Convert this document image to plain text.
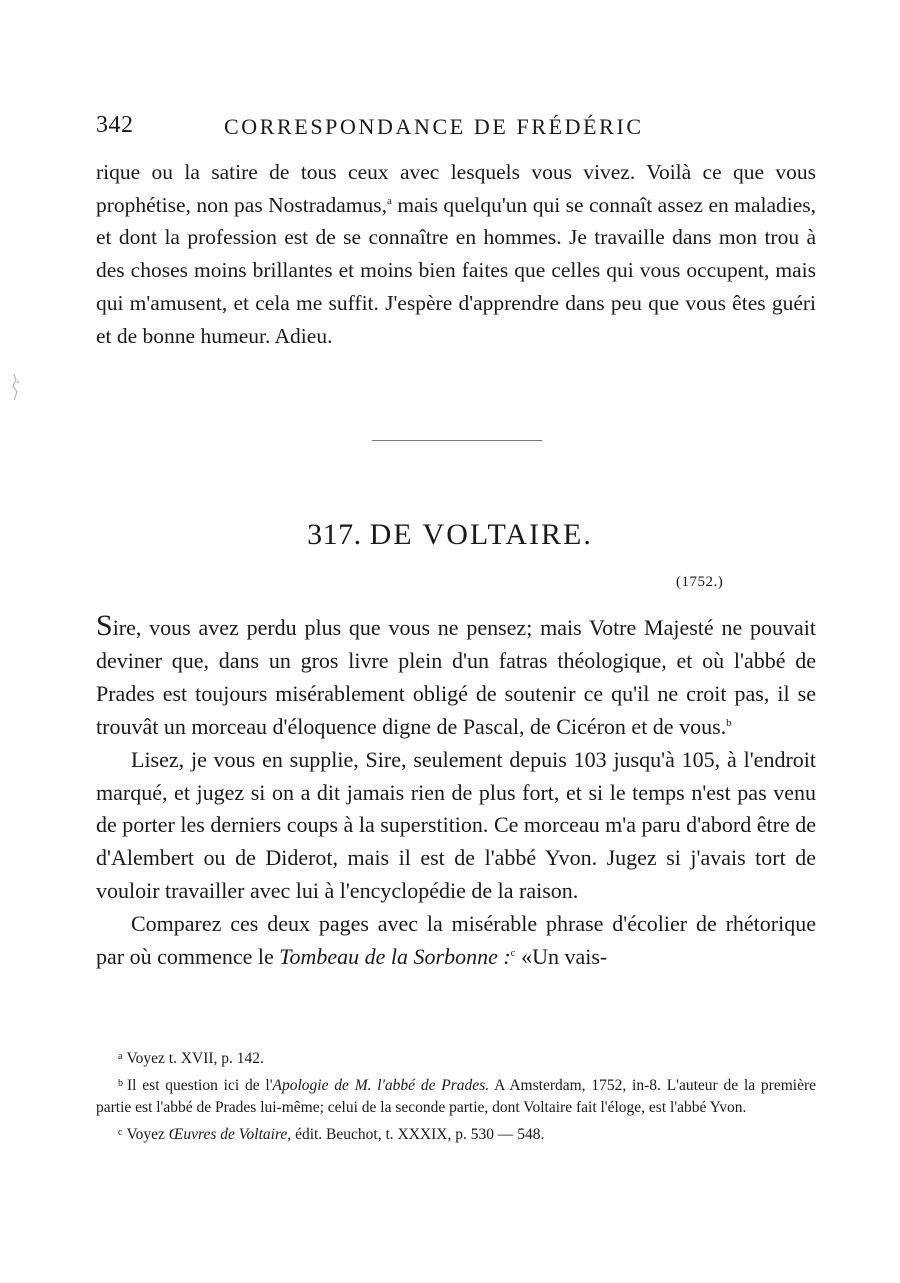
342	CORRESPONDANCE DE FRÉDÉRIC

rique ou la satire de tous ceux avec lesquels vous vivez. Voilà ce que vous prophétise, non pas Nostradamus,$^a$ mais quelqu'un qui se connaît assez en maladies, et dont la profession est de se connaître en hommes. Je travaille dans mon trou à des choses moins brillantes et moins bien faites que celles qui vous occupent, mais qui m'amusent, et cela me suffit. J'espère d'apprendre dans peu que vous êtes guéri et de bonne humeur. Adieu.

317. DE VOLTAIRE.
(1752.)

Sire, vous avez perdu plus que vous ne pensez; mais Votre Majesté ne pouvait deviner que, dans un gros livre plein d'un fatras théologique, et où l'abbé de Prades est toujours misérablement obligé de soutenir ce qu'il ne croit pas, il se trouvât un morceau d'éloquence digne de Pascal, de Cicéron et de vous.$^b$

Lisez, je vous en supplie, Sire, seulement depuis 103 jusqu'à 105, à l'endroit marqué, et jugez si on a dit jamais rien de plus fort, et si le temps n'est pas venu de porter les derniers coups à la superstition. Ce morceau m'a paru d'abord être de d'Alembert ou de Diderot, mais il est de l'abbé Yvon. Jugez si j'avais tort de vouloir travailler avec lui à l'encyclopédie de la raison.

Comparez ces deux pages avec la misérable phrase d'écolier de rhétorique par où commence le Tombeau de la Sorbonne :$^c$ «Un vais-

$^a$ Voyez t. XVII, p. 142.

$^b$ Il est question ici de l'Apologie de M. l'abbé de Prades. A Amsterdam, 1752, in-8. L'auteur de la première partie est l'abbé de Prades lui-même; celui de la seconde partie, dont Voltaire fait l'éloge, est l'abbé Yvon.

$^c$ Voyez Œuvres de Voltaire, édit. Beuchot, t. XXXIX, p. 530 — 548.
